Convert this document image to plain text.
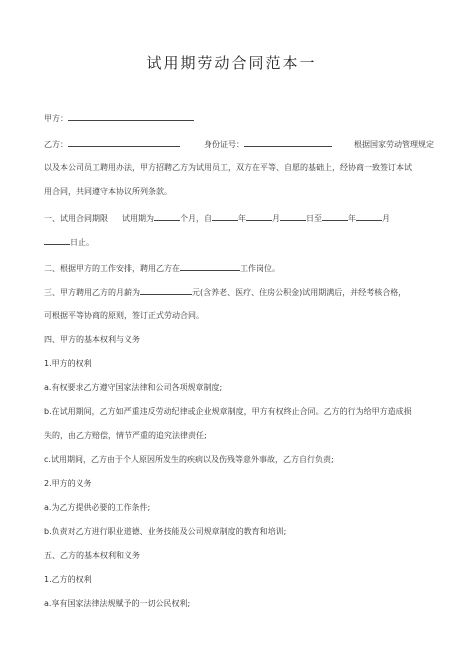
试用期劳动合同范本一
甲方：
乙方：	身份证号：	根据国家劳动管理规定
以及本公司员工聘用办法，甲方招聘乙方为试用员工，双方在平等、自愿的基础上，经协商一致签订本试
用合同，共同遵守本协议所列条款。
一、试用合同期限 试用期为	个月，自	年	月	日至	年	月
日止。
二、根据甲方的工作安排，聘用乙方在	工作岗位。
三、甲方聘用乙方的月薪为	元(含养老、医疗、住房公积金)试用期满后，并经考核合格，
可根据平等协商的原则，签订正式劳动合同。
四、甲方的基本权利与义务
1.甲方的权利
a.有权要求乙方遵守国家法律和公司各项规章制度;
b.在试用期间，乙方如严重违反劳动纪律或企业规章制度，甲方有权终止合同。乙方的行为给甲方造成损
失的，由乙方赔偿，情节严重的追究法律责任;
c.试用期间，乙方由于个人原因所发生的疾病以及伤残等意外事故，乙方自行负责;
2.甲方的义务
a.为乙方提供必要的工作条件;
b.负责对乙方进行职业道德、业务技能及公司规章制度的教育和培训;
五、乙方的基本权利和义务
1.乙方的权利
a.享有国家法律法规赋予的一切公民权利;
